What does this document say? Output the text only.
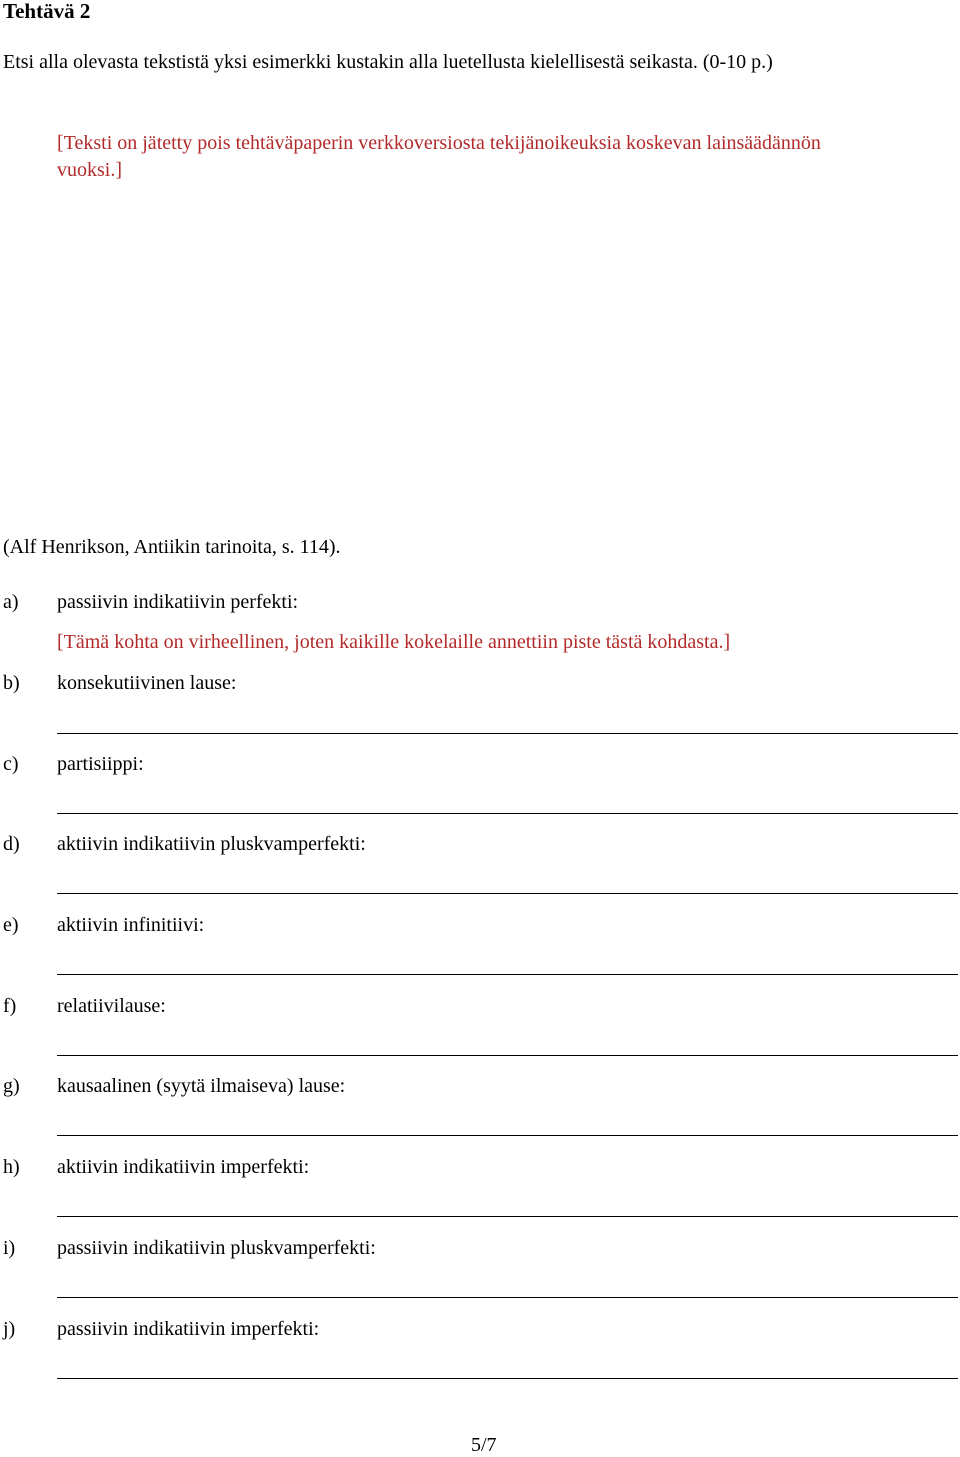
Tehtävä 2
Etsi alla olevasta tekstistä yksi esimerkki kustakin alla luetellusta kielellisestä seikasta. (0-10 p.)
[Teksti on jätetty pois tehtäväpaperin verkkoversiosta tekijänoikeuksia koskevan lainsäädännön
vuoksi.]
(Alf Henrikson, Antiikin tarinoita, s. 114).
a) passiivin indikatiivin perfekti:
[Tämä kohta on virheellinen, joten kaikille kokelaille annettiin piste tästä kohdasta.]
b) konsekutiivinen lause:
c) partisiippi:
d) aktiivin indikatiivin pluskvamperfekti:
e) aktiivin infinitiivi:
f) relatiivilause:
g) kausaalinen (syytä ilmaiseva) lause:
h) aktiivin indikatiivin imperfekti:
i) passiivin indikatiivin pluskvamperfekti:
j) passiivin indikatiivin imperfekti:
5/7
